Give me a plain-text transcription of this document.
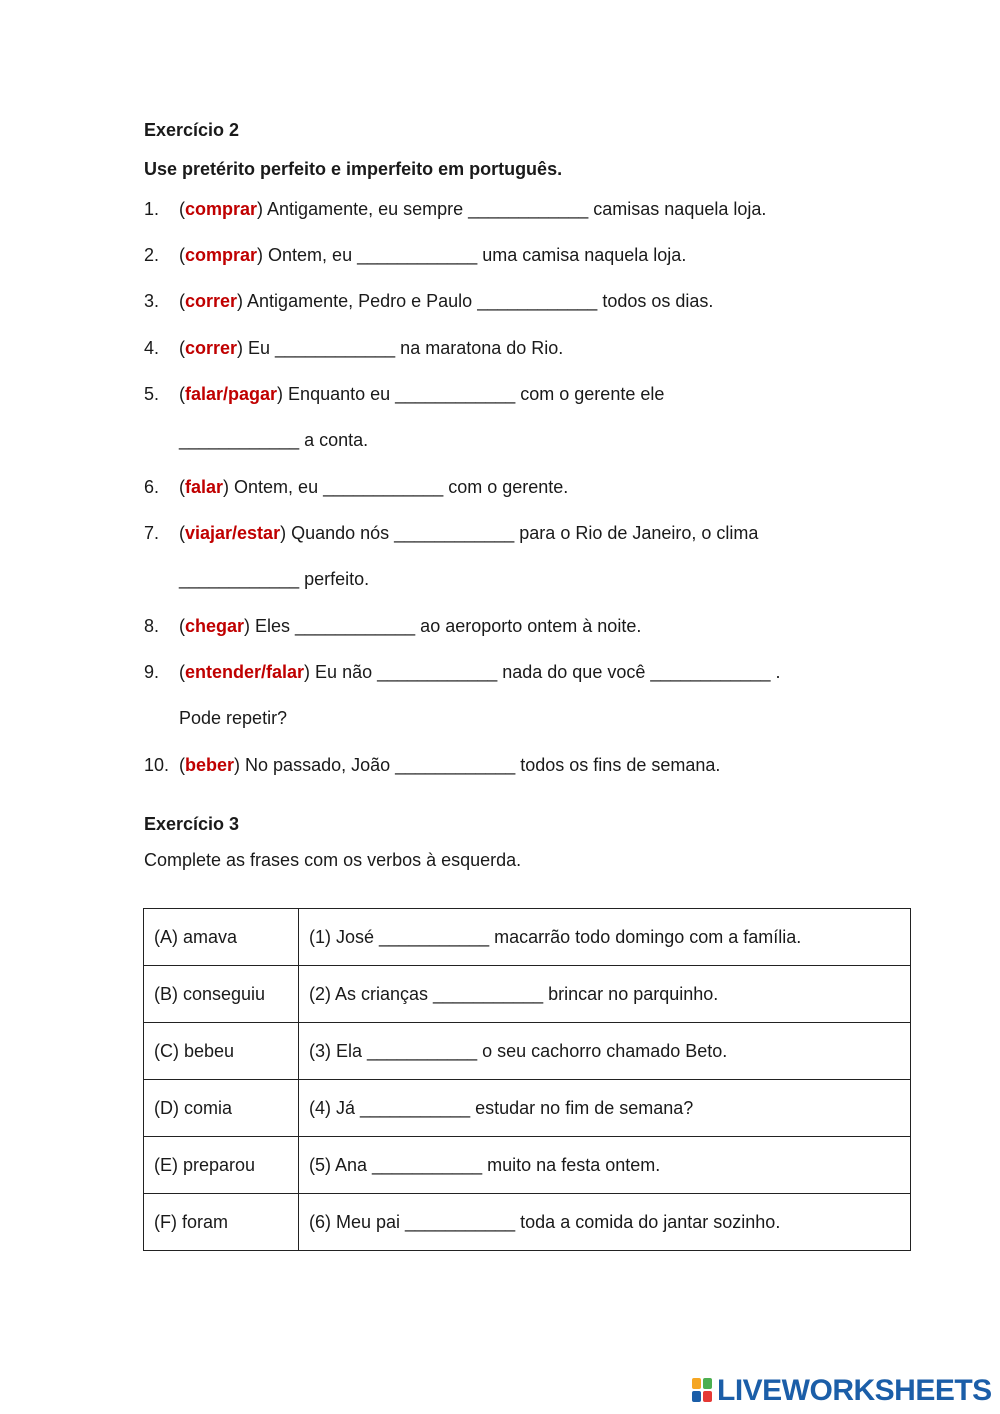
Exercício 2
Use pretérito perfeito e imperfeito em português.
1. (comprar) Antigamente, eu sempre ____________ camisas naquela loja.
2. (comprar) Ontem, eu ____________ uma camisa naquela loja.
3. (correr) Antigamente, Pedro e Paulo ____________ todos os dias.
4. (correr) Eu ____________ na maratona do Rio.
5. (falar/pagar) Enquanto eu ____________ com o gerente ele
____________ a conta.
6. (falar) Ontem, eu ____________ com o gerente.
7. (viajar/estar) Quando nós ____________ para o Rio de Janeiro, o clima
____________ perfeito.
8. (chegar) Eles ____________ ao aeroporto ontem à noite.
9. (entender/falar) Eu não ____________ nada do que você ____________ .
Pode repetir?
10. (beber) No passado, João ____________ todos os fins de semana.
Exercício 3
Complete as frases com os verbos à esquerda.
(A) amava	(1) José ___________ macarrão todo domingo com a família.
(B) conseguiu	(2) As crianças ___________ brincar no parquinho.
(C) bebeu	(3) Ela ___________ o seu cachorro chamado Beto.
(D) comia	(4) Já ___________ estudar no fim de semana?
(E) preparou	(5) Ana ___________ muito na festa ontem.
(F) foram	(6) Meu pai ___________ toda a comida do jantar sozinho.
LIVEWORKSHEETS
